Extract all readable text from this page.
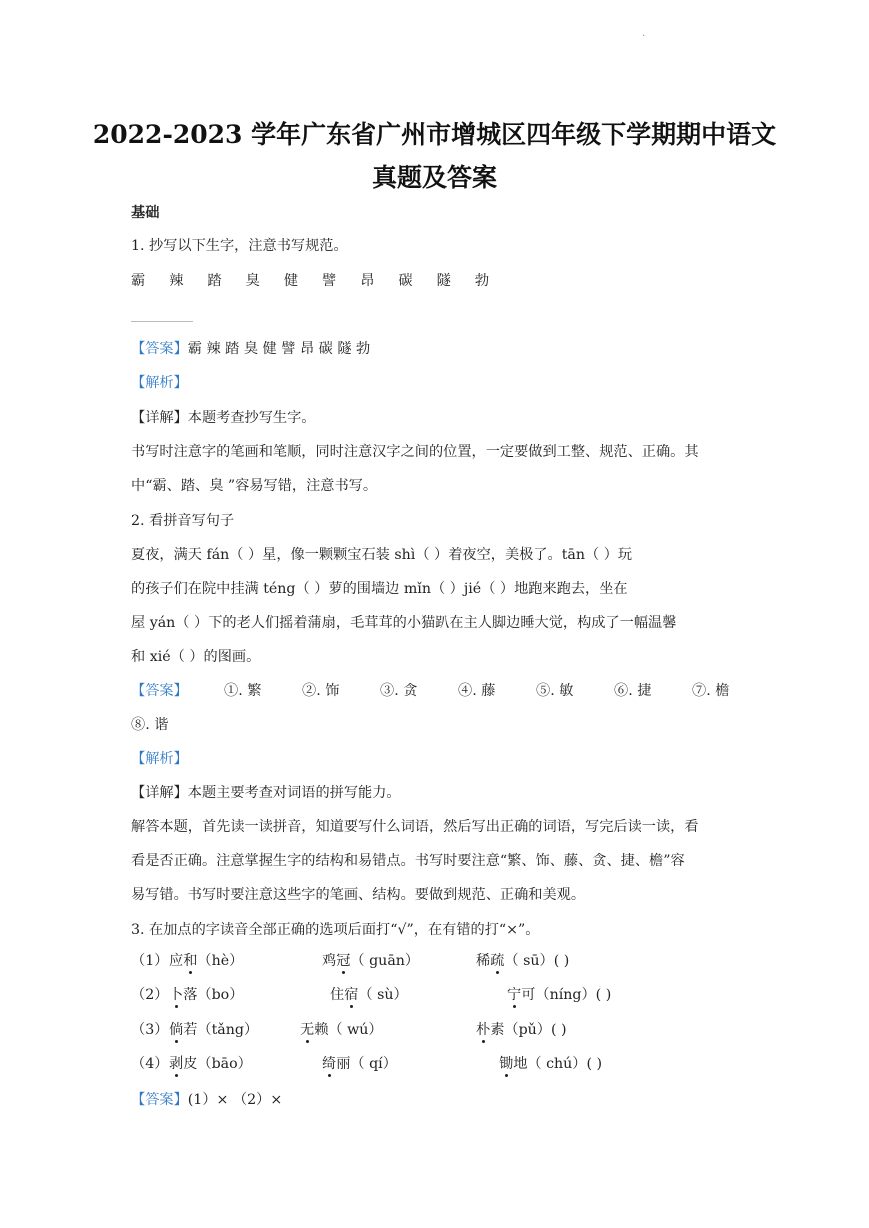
.
2022-2023 学年广东省广州市增城区四年级下学期期中语文
真题及答案
基础
1. 抄写以下生字，注意书写规范。
霸 辣 踏 臭 健 譬 昂 碳 隧 勃
【答案】霸 辣 踏 臭 健 譬 昂 碳 隧 勃
【解析】
【详解】本题考查抄写生字。
书写时注意字的笔画和笔顺，同时注意汉字之间的位置，一定要做到工整、规范、正确。其
中“霸、踏、臭 ”容易写错，注意书写。
2. 看拼音写句子
夏夜，满天 fán（ ）星，像一颗颗宝石装 shì（ ）着夜空，美极了。tān（ ）玩
的孩子们在院中挂满 téng（ ）萝的围墙边 mǐn（ ）jié（ ）地跑来跑去，坐在
屋 yán（ ）下的老人们摇着蒲扇，毛茸茸的小猫趴在主人脚边睡大觉，构成了一幅温馨
和 xié（ ）的图画。
【答案】	①. 繁	②. 饰	③. 贪	④. 藤	⑤. 敏	⑥. 捷	⑦. 檐
⑧. 谐
【解析】
【详解】本题主要考查对词语的拼写能力。
解答本题，首先读一读拼音，知道要写什么词语，然后写出正确的词语，写完后读一读，看
看是否正确。注意掌握生字的结构和易错点。书写时要注意“繁、饰、藤、贪、捷、檐”容
易写错。书写时要注意这些字的笔画、结构。要做到规范、正确和美观。
3. 在加点的字读音全部正确的选项后面打“√”，在有错的打“×”。
（1） 应和（hè）	鸡冠（ guān）	稀疏（ sū）( )
（2） 卜落（bo）	住宿（ sù）	宁可（níng）( )
（3） 倘若（tǎng）	无赖（ wú）	朴素（pǔ）( )
（4） 剥皮（bāo）	绮丽（ qí）	锄地（ chú）( )
【答案】(1）× （2）×
